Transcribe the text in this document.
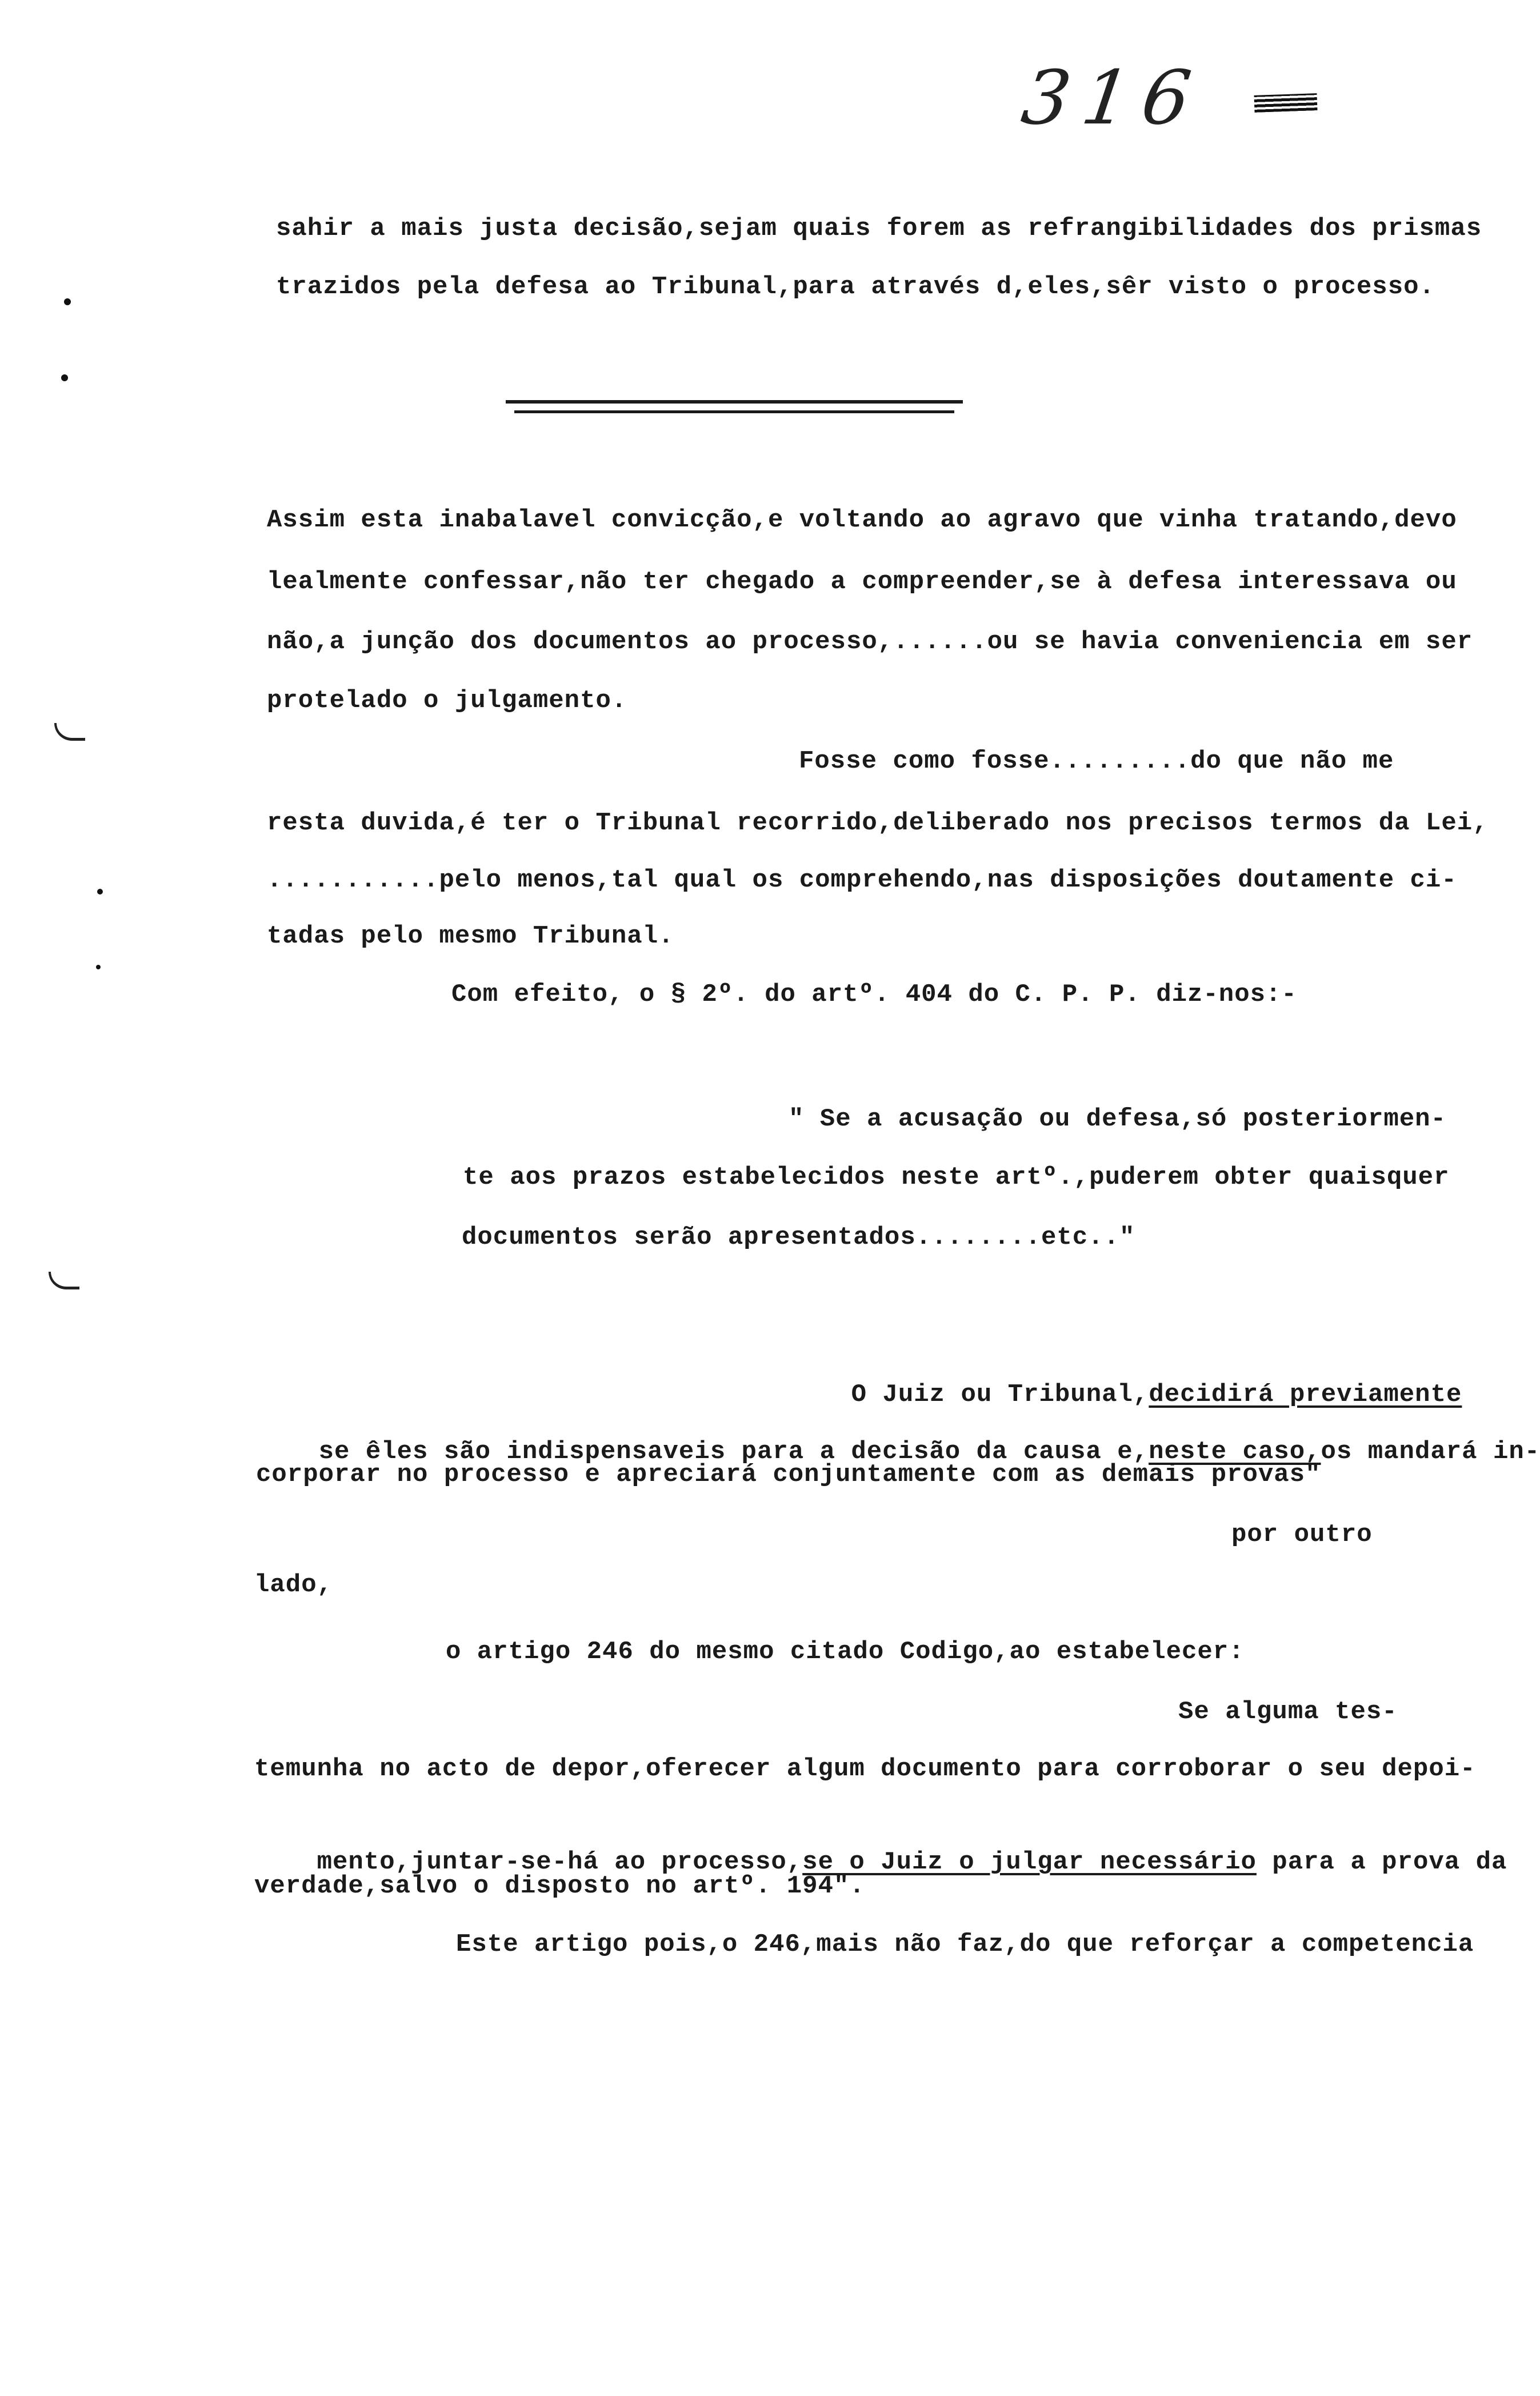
316
sahir a mais justa decisão,sejam quais forem as refrangibilidades dos prismas
trazidos pela defesa ao Tribunal,para através d,eles,sêr visto o processo.
Assim esta inabalavel convicção,e voltando ao agravo que vinha tratando,devo
lealmente confessar,não ter chegado a compreender,se à defesa interessava ou
não,a junção dos documentos ao processo,......ou se havia conveniencia em ser
protelado o julgamento.
Fosse como fosse.........do que não me
resta duvida,é ter o Tribunal recorrido,deliberado nos precisos termos da Lei,
...........pelo menos,tal qual os comprehendo,nas disposições doutamente ci-
tadas pelo mesmo Tribunal.
Com efeito, o § 2º. do artº. 404 do C. P. P. diz-nos:-
" Se a acusação ou defesa,só posteriormen-
te aos prazos estabelecidos neste artº.,puderem obter quaisquer
documentos serão apresentados........etc.."

O Juiz ou Tribunal,decidirá previamente

se êles são indispensaveis para a decisão da causa e,neste caso,os mandará in-

corporar no processo e apreciará conjuntamente com as demais provas"
por outro
lado,
o artigo 246 do mesmo citado Codigo,ao estabelecer:
Se alguma tes-
temunha no acto de depor,oferecer algum documento para corroborar o seu depoi-

mento,juntar-se-há ao processo,se o Juiz o julgar necessário para a prova da

verdade,salvo o disposto no artº. 194".
Este artigo pois,o 246,mais não faz,do que reforçar a competencia
